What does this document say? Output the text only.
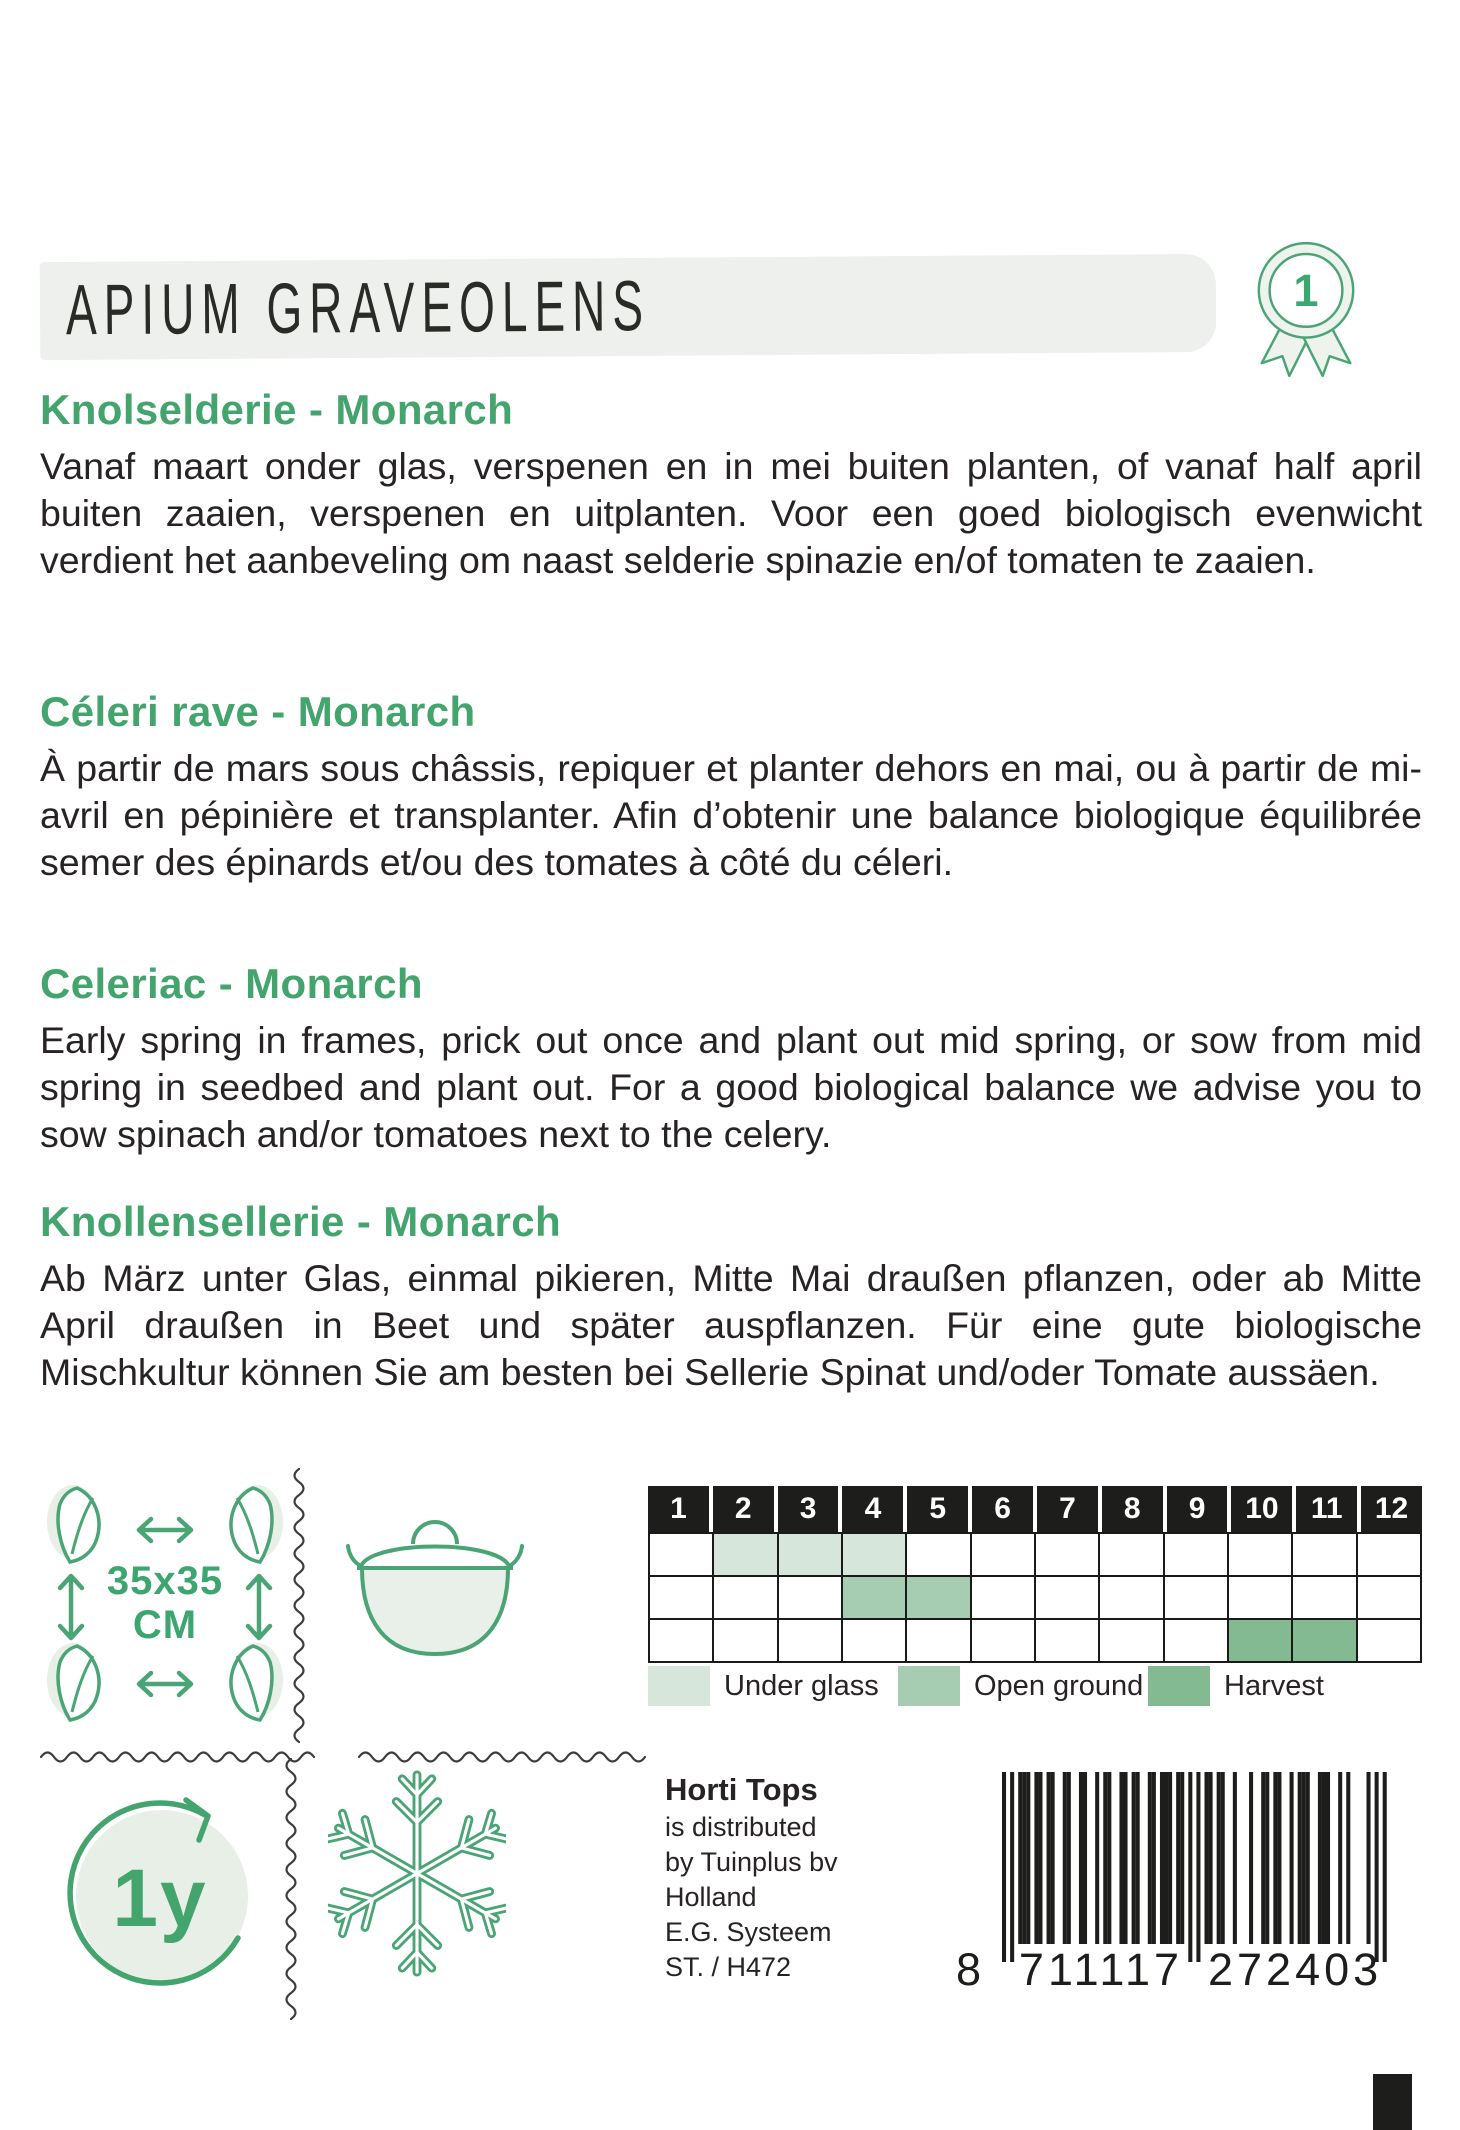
APIUM GRAVEOLENS	1
Knolselderie - Monarch

Vanaf maart onder glas, verspenen en in mei buiten planten, of vanaf half april buiten zaaien, verspenen en uitplanten. Voor een goed biologisch evenwicht verdient het aanbeveling om naast selderie spinazie en/of tomaten te zaaien.

Céleri rave - Monarch

À partir de mars sous châssis, repiquer et planter dehors en mai, ou à partir de mi-avril en pépinière et transplanter. Afin d’obtenir une balance biologique équilibrée semer des épinards et/ou des tomates à côté du céleri.

Celeriac - Monarch

Early spring in frames, prick out once and plant out mid spring, or sow from mid spring in seedbed and plant out. For a good biological balance we advise you to sow spinach and/or tomatoes next to the celery.

Knollensellerie - Monarch

Ab März unter Glas, einmal pikieren, Mitte Mai draußen pflanzen, oder ab Mitte April draußen in Beet und später auspflanzen. Für eine gute biologische Mischkultur können Sie am besten bei Sellerie Spinat und/oder Tomate aussäen.

35x35
CM
1y
1	2	3	4	5	6	7	8	9	10	11	12
Under glass	Open ground	Harvest
Horti Tops
is distributed
by Tuinplus bv
Holland
E.G. Systeem
ST. / H472	8 711117 272403
